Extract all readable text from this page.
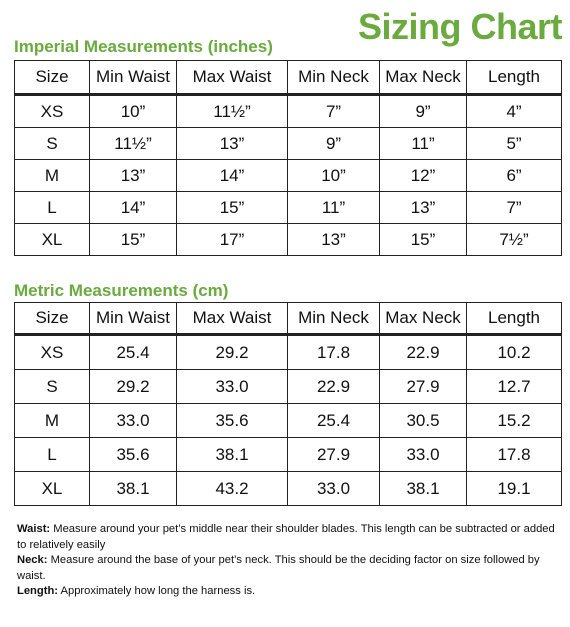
Sizing Chart
Imperial Measurements (inches)
Size	Min Waist	Max Waist	Min Neck	Max Neck	Length
XS	10”	11½”	7”	9”	4”
S	11½”	13”	9”	11”	5”
M	13”	14”	10”	12”	6”
L	14”	15”	11”	13”	7”
XL	15”	17”	13”	15”	7½”
Metric Measurements (cm)
Size	Min Waist	Max Waist	Min Neck	Max Neck	Length
XS	25.4	29.2	17.8	22.9	10.2
S	29.2	33.0	22.9	27.9	12.7
M	33.0	35.6	25.4	30.5	15.2
L	35.6	38.1	27.9	33.0	17.8
XL	38.1	43.2	33.0	38.1	19.1

Waist: Measure around your pet’s middle near their shoulder blades. This length can be subtracted or added to relatively easily

Neck: Measure around the base of your pet’s neck. This should be the deciding factor on size followed by waist.

Length: Approximately how long the harness is.
